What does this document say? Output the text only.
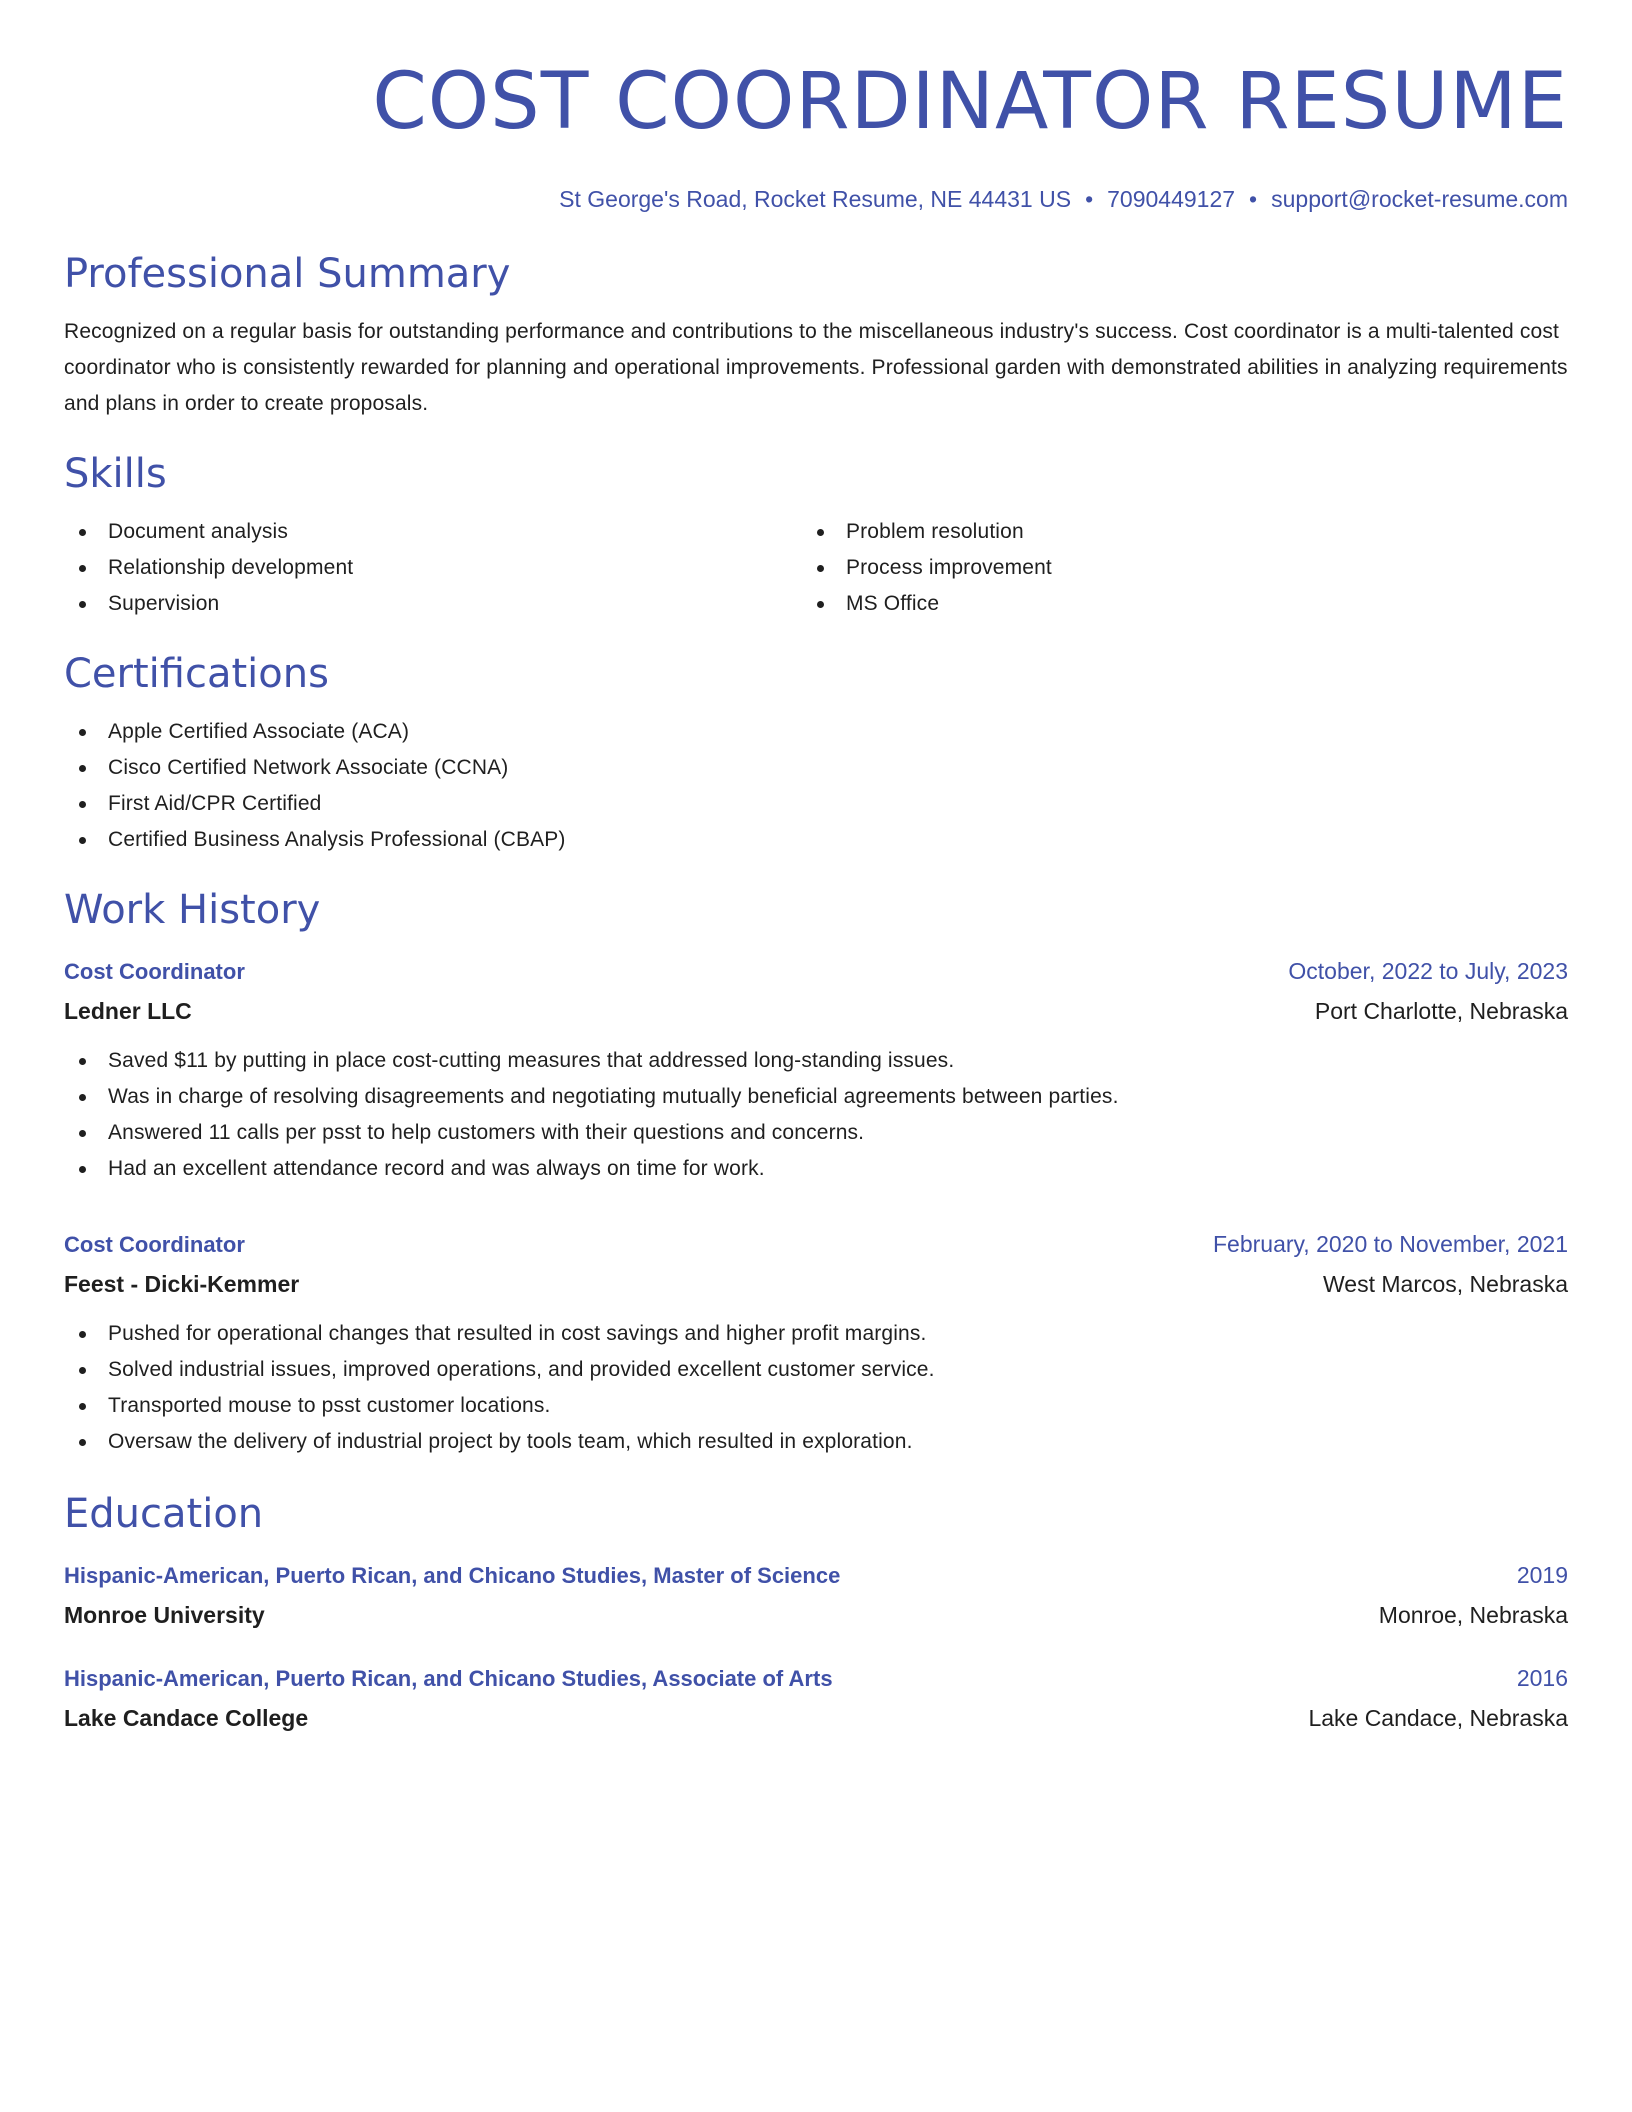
COST COORDINATOR RESUME
St George's Road, Rocket Resume, NE 44431 US • 7090449127 • support@rocket-resume.com
Professional Summary
Recognized on a regular basis for outstanding performance and contributions to the miscellaneous industry's success. Cost coordinator is a multi-talented cost coordinator who is consistently rewarded for planning and operational improvements. Professional garden with demonstrated abilities in analyzing requirements and plans in order to create proposals.
Skills
Document analysis
Relationship development
Supervision
Problem resolution
Process improvement
MS Office
Certifications
Apple Certified Associate (ACA)
Cisco Certified Network Associate (CCNA)
First Aid/CPR Certified
Certified Business Analysis Professional (CBAP)
Work History
Cost Coordinator	October, 2022 to July, 2023
Ledner LLC	Port Charlotte, Nebraska
Saved $11 by putting in place cost-cutting measures that addressed long-standing issues.
Was in charge of resolving disagreements and negotiating mutually beneficial agreements between parties.
Answered 11 calls per psst to help customers with their questions and concerns.
Had an excellent attendance record and was always on time for work.
Cost Coordinator	February, 2020 to November, 2021
Feest - Dicki-Kemmer	West Marcos, Nebraska
Pushed for operational changes that resulted in cost savings and higher profit margins.
Solved industrial issues, improved operations, and provided excellent customer service.
Transported mouse to psst customer locations.
Oversaw the delivery of industrial project by tools team, which resulted in exploration.
Education
Hispanic-American, Puerto Rican, and Chicano Studies, Master of Science	2019
Monroe University	Monroe, Nebraska
Hispanic-American, Puerto Rican, and Chicano Studies, Associate of Arts	2016
Lake Candace College	Lake Candace, Nebraska
